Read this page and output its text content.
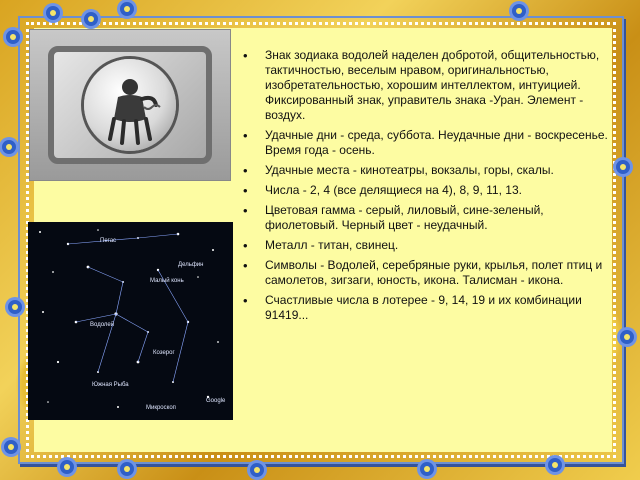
Пегас
Дельфин
Малый конь
Водолей
Козерог
Южная Рыба
Микроскоп
Google
• Знак зодиака водолей наделен добротой, общительностью, тактичностью, веселым нравом, оригинальностью, изобретательностью, хорошим интеллектом, интуицией. Фиксированный знак, управитель знака -Уран. Элемент - воздух.
• Удачные дни - среда, суббота. Неудачные дни - воскресенье. Время года - осень.
• Удачные места - кинотеатры, вокзалы, горы, скалы.
• Числа - 2, 4 (все делящиеся на 4), 8, 9, 11, 13.
• Цветовая гамма - серый, лиловый, сине-зеленый, фиолетовый. Черный цвет - неудачный.
• Металл - титан, свинец.
• Символы - Водолей, серебряные руки, крылья, полет птиц и самолетов, зигзаги, юность, икона. Талисман - икона.
• Счастливые числа в лотерее - 9, 14, 19 и их комбинации 91419...
